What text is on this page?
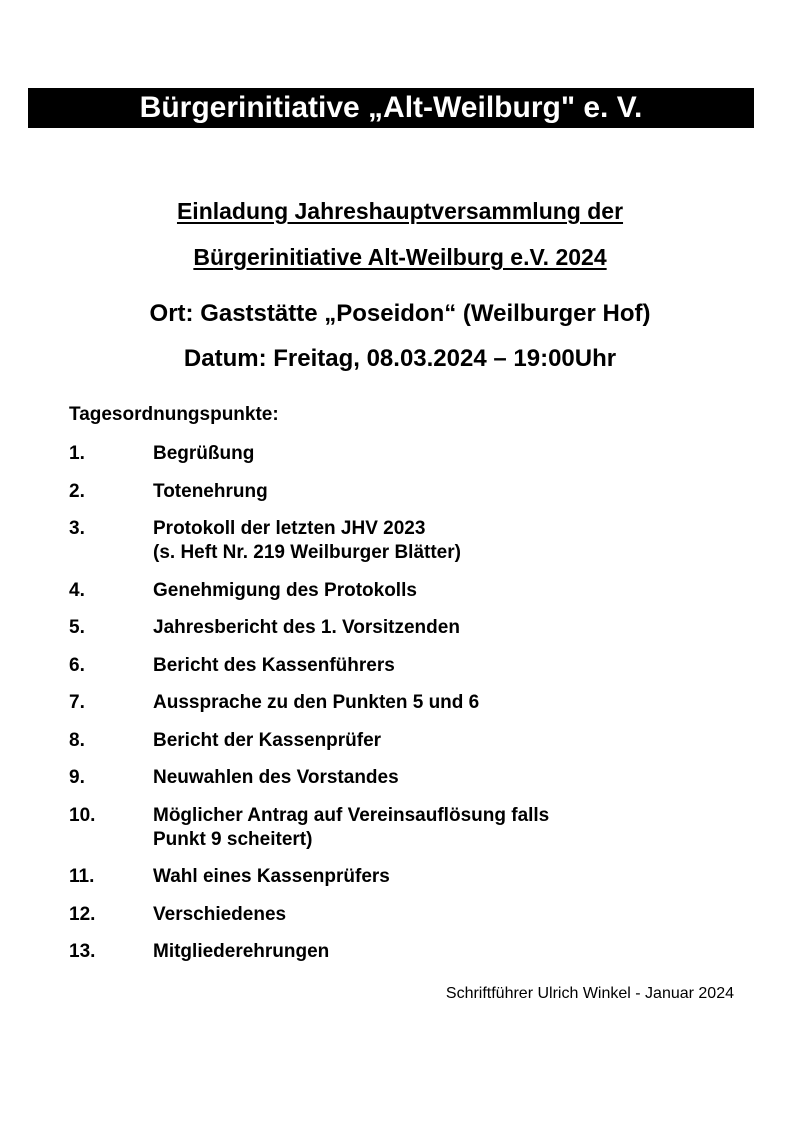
Bürgerinitiative „Alt-Weilburg" e. V.
Einladung Jahreshauptversammlung der
Bürgerinitiative Alt-Weilburg e.V. 2024
Ort: Gaststätte „Poseidon“ (Weilburger Hof)
Datum: Freitag, 08.03.2024 – 19:00Uhr
Tagesordnungspunkte:
1.	Begrüßung
2.	Totenehrung
3.	Protokoll der letzten JHV 2023
(s. Heft Nr. 219 Weilburger Blätter)
4.	Genehmigung des Protokolls
5.	Jahresbericht des 1. Vorsitzenden
6.	Bericht des Kassenführers
7.	Aussprache zu den Punkten 5 und 6
8.	Bericht der Kassenprüfer
9.	Neuwahlen des Vorstandes
10.	Möglicher Antrag auf Vereinsauflösung falls
Punkt 9 scheitert)
11.	Wahl eines Kassenprüfers
12.	Verschiedenes
13.	Mitgliederehrungen
Schriftführer Ulrich Winkel - Januar 2024
